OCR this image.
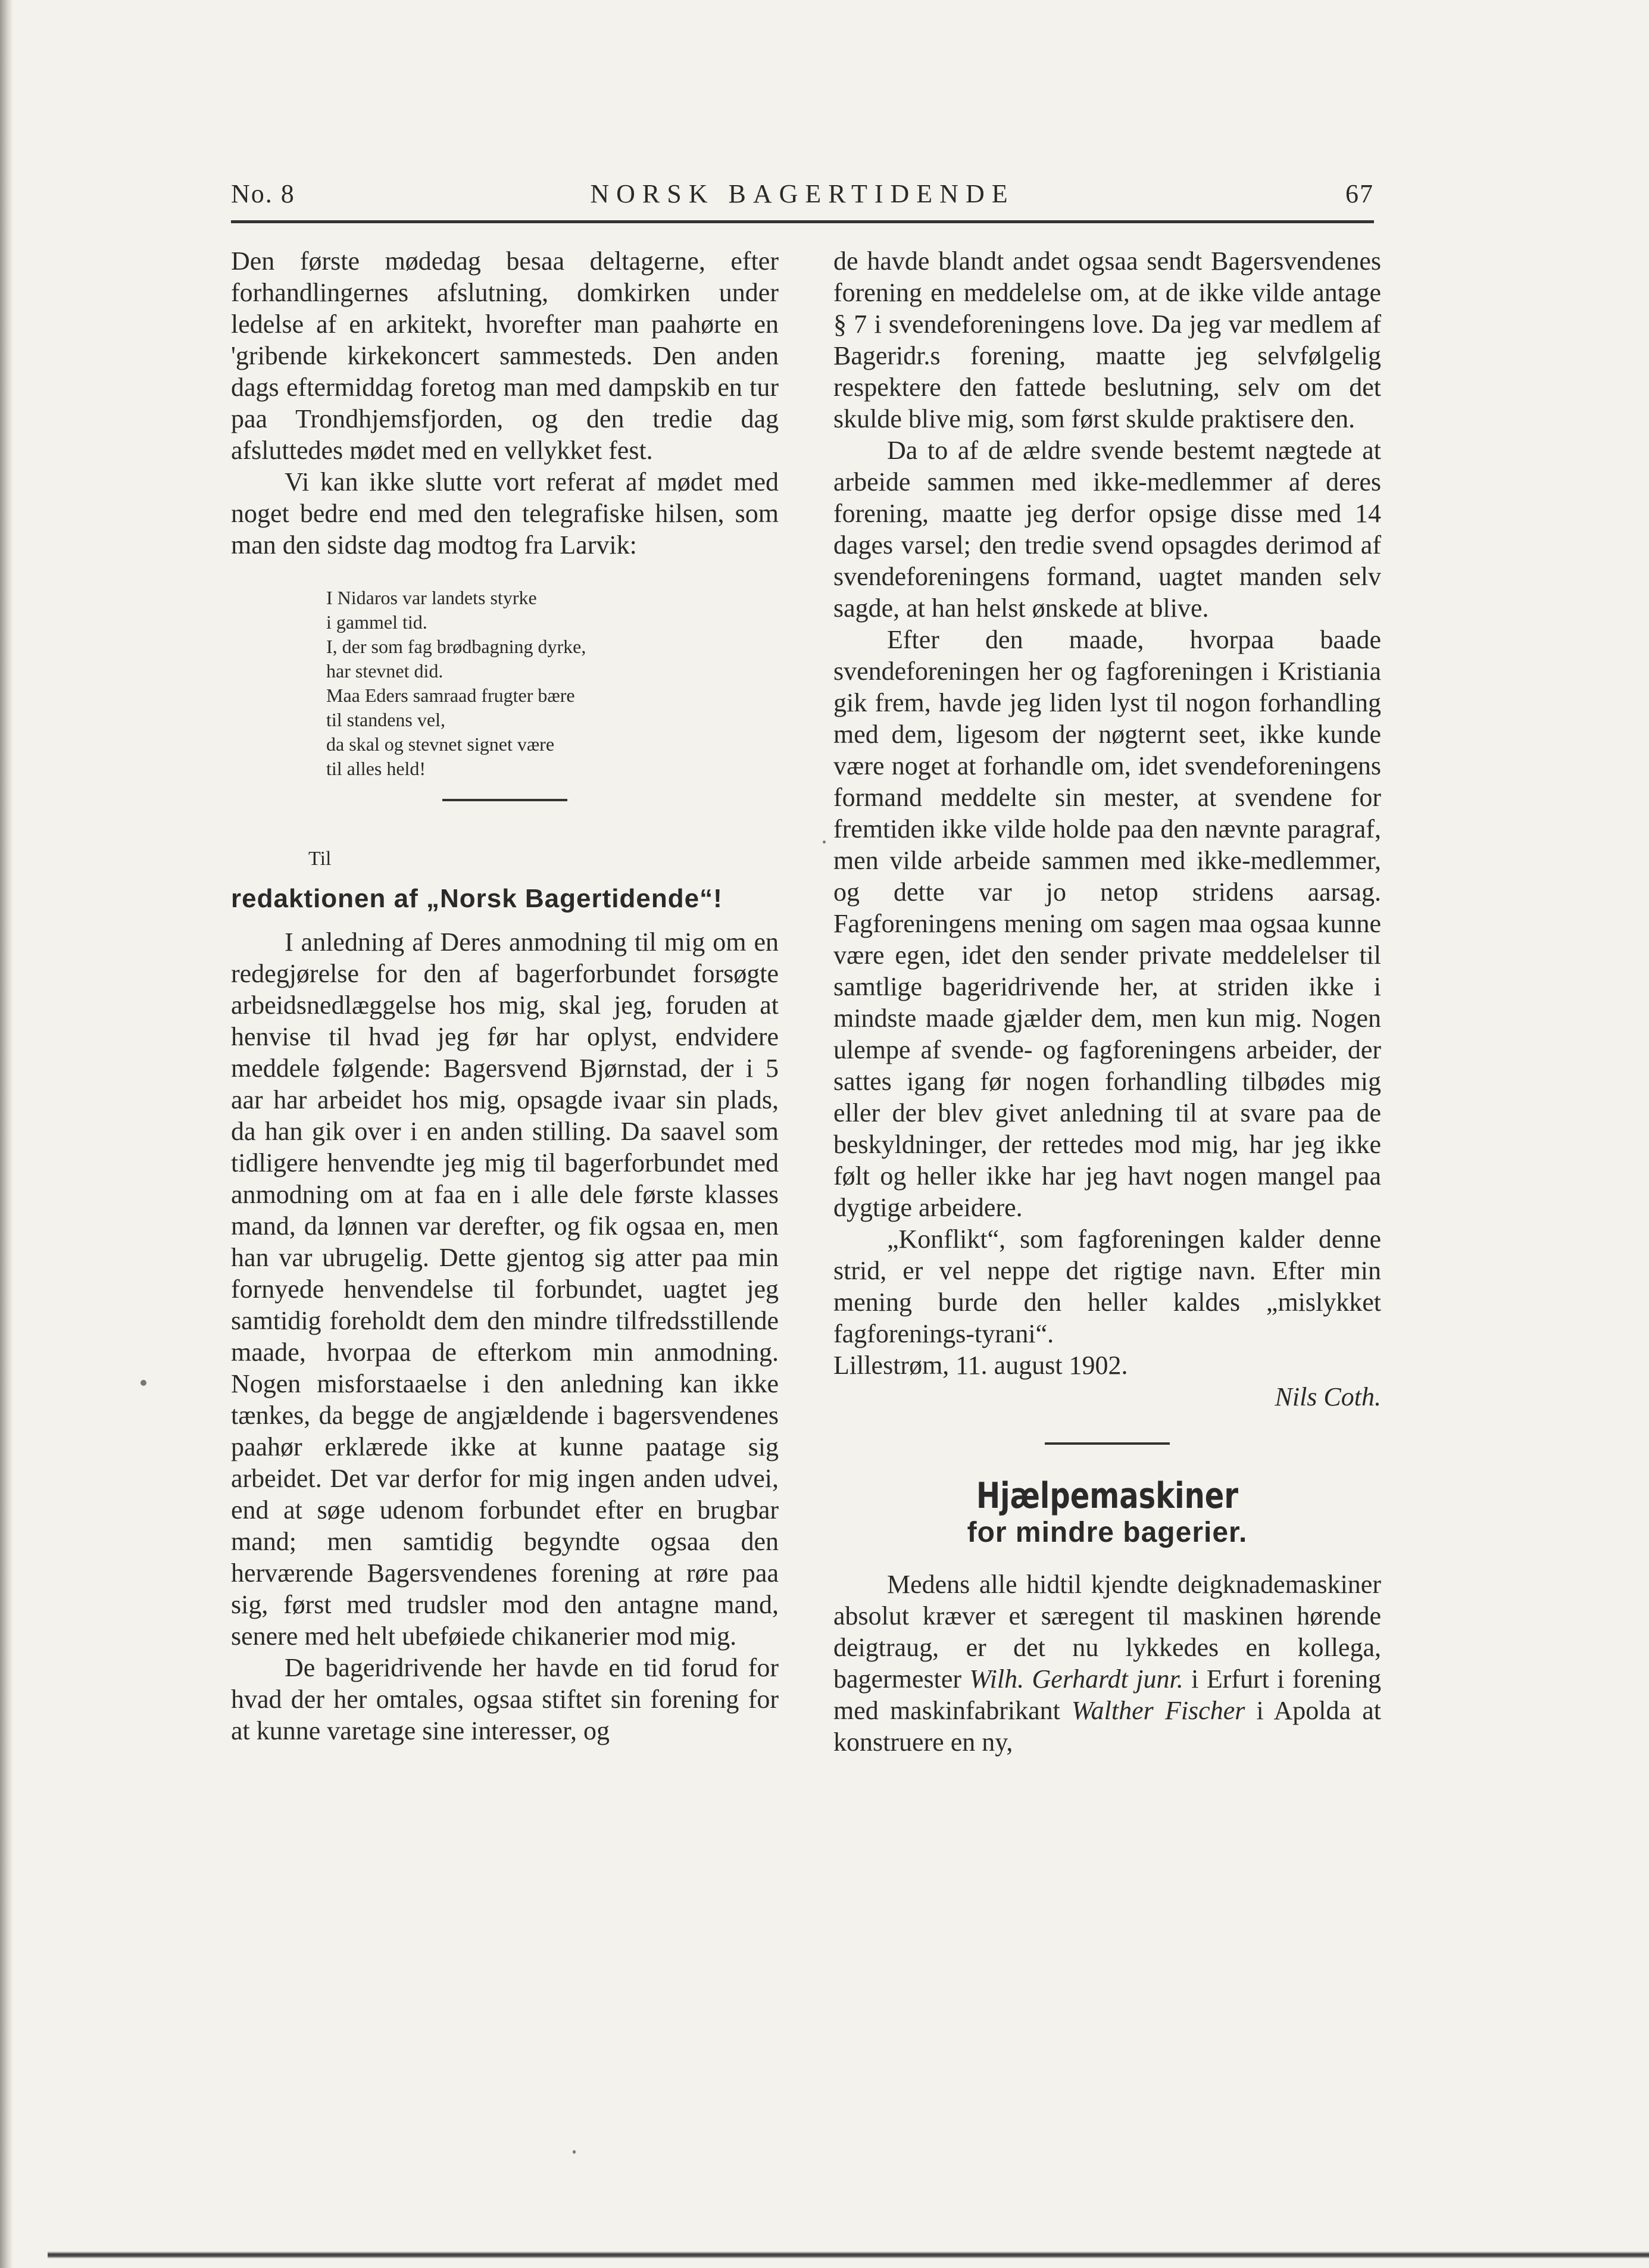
No. 8	NORSK BAGERTIDENDE	67

Den første mødedag besaa deltagerne, efter forhandlingernes afslutning, domkirken under ledelse af en arkitekt, hvorefter man paahørte en 'gribende kirkekoncert sammesteds. Den anden dags eftermiddag foretog man med dampskib en tur paa Trondhjemsfjorden, og den tredie dag afsluttedes mødet med en vellykket fest.

Vi kan ikke slutte vort referat af mødet med noget bedre end med den telegrafiske hilsen, som man den sidste dag modtog fra Larvik:

I Nidaros var landets styrke
i gammel tid.
I, der som fag brødbagning dyrke,
har stevnet did.
Maa Eders samraad frugter bære
til standens vel,
da skal og stevnet signet være
til alles held!
Til
redaktionen af „Norsk Bagertidende“!

I anledning af Deres anmodning til mig om en redegjørelse for den af bagerforbundet forsøgte arbeidsnedlæggelse hos mig, skal jeg, foruden at henvise til hvad jeg før har oplyst, endvidere meddele følgende: Bagersvend Bjørnstad, der i 5 aar har arbeidet hos mig, opsagde ivaar sin plads, da han gik over i en anden stilling. Da saavel som tidligere henvendte jeg mig til bagerforbundet med anmodning om at faa en i alle dele første klasses mand, da lønnen var derefter, og fik ogsaa en, men han var ubrugelig. Dette gjentog sig atter paa min fornyede henvendelse til forbundet, uagtet jeg samtidig foreholdt dem den mindre tilfredsstillende maade, hvorpaa de efterkom min anmodning. Nogen misforstaaelse i den anledning kan ikke tænkes, da begge de angjældende i bagersvendenes paahør erklærede ikke at kunne paatage sig arbeidet. Det var derfor for mig ingen anden udvei, end at søge udenom forbundet efter en brugbar mand; men samtidig begyndte ogsaa den herværende Bagersvendenes forening at røre paa sig, først med trudsler mod den antagne mand, senere med helt ubeføiede chikanerier mod mig.

De bageridrivende her havde en tid forud for hvad der her omtales, ogsaa stiftet sin forening for at kunne varetage sine interesser, og

de havde blandt andet ogsaa sendt Bagersvendenes forening en meddelelse om, at de ikke vilde antage § 7 i svendeforeningens love. Da jeg var medlem af Bageridr.s forening, maatte jeg selvfølgelig respektere den fattede beslutning, selv om det skulde blive mig, som først skulde praktisere den.

Da to af de ældre svende bestemt nægtede at arbeide sammen med ikke-medlemmer af deres forening, maatte jeg derfor opsige disse med 14 dages varsel; den tredie svend opsagdes derimod af svendeforeningens formand, uagtet manden selv sagde, at han helst ønskede at blive.

Efter den maade, hvorpaa baade svendeforeningen her og fagforeningen i Kristiania gik frem, havde jeg liden lyst til nogon forhandling med dem, ligesom der nøgternt seet, ikke kunde være noget at forhandle om, idet svendeforeningens formand meddelte sin mester, at svendene for fremtiden ikke vilde holde paa den nævnte paragraf, men vilde arbeide sammen med ikke-medlemmer, og dette var jo netop stridens aarsag. Fagforeningens mening om sagen maa ogsaa kunne være egen, idet den sender private meddelelser til samtlige bageridrivende her, at striden ikke i mindste maade gjælder dem, men kun mig. Nogen ulempe af svende- og fagforeningens arbeider, der sattes igang før nogen forhandling tilbødes mig eller der blev givet anledning til at svare paa de beskyldninger, der rettedes mod mig, har jeg ikke følt og heller ikke har jeg havt nogen mangel paa dygtige arbeidere.

„Konflikt“, som fagforeningen kalder denne strid, er vel neppe det rigtige navn. Efter min mening burde den heller kaldes „mislykket fagforenings-tyrani“.

Lillestrøm, 11. august 1902.

Nils Coth.

Hjælpemaskiner
for mindre bagerier.

Medens alle hidtil kjendte deigknademaskiner absolut kræver et særegent til maskinen hørende deigtraug, er det nu lykkedes en kollega, bagermester Wilh. Gerhardt junr. i Erfurt i forening med maskinfabrikant Walther Fischer i Apolda at konstruere en ny,
